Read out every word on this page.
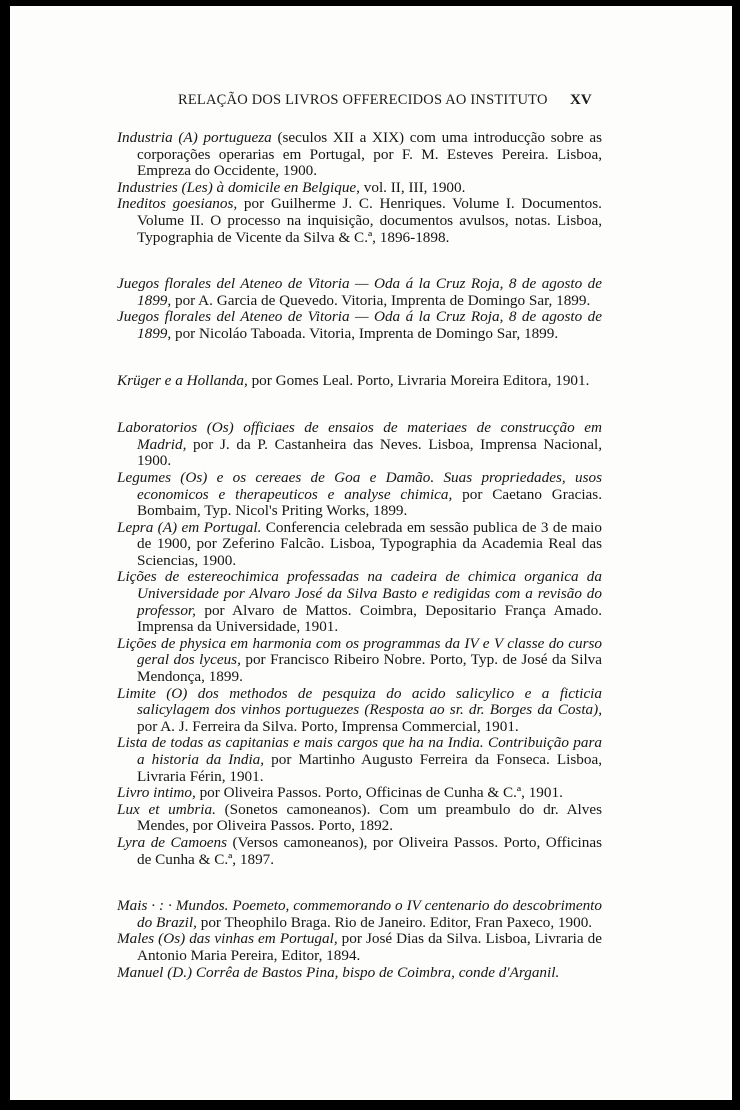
RELAÇÃO DOS LIVROS OFFERECIDOS AO INSTITUTO	XV

Industria (A) portugueza (seculos XII a XIX) com uma introducção sobre as corporações operarias em Portugal, por F. M. Esteves Pereira. Lisboa, Empreza do Occidente, 1900.

Industries (Les) à domicile en Belgique, vol. II, III, 1900.

Ineditos goesianos, por Guilherme J. C. Henriques. Volume I. Documentos. Volume II. O processo na inquisição, documentos avulsos, notas. Lisboa, Typographia de Vicente da Silva & C.ª, 1896-1898.

Juegos florales del Ateneo de Vitoria — Oda á la Cruz Roja, 8 de agosto de 1899, por A. Garcia de Quevedo. Vitoria, Imprenta de Domingo Sar, 1899.

Juegos florales del Ateneo de Vitoria — Oda á la Cruz Roja, 8 de agosto de 1899, por Nicoláo Taboada. Vitoria, Imprenta de Domingo Sar, 1899.

Krüger e a Hollanda, por Gomes Leal. Porto, Livraria Moreira Editora, 1901.

Laboratorios (Os) officiaes de ensaios de materiaes de construcção em Madrid, por J. da P. Castanheira das Neves. Lisboa, Imprensa Nacional, 1900.

Legumes (Os) e os cereaes de Goa e Damão. Suas propriedades, usos economicos e therapeuticos e analyse chimica, por Caetano Gracias. Bombaim, Typ. Nicol's Priting Works, 1899.

Lepra (A) em Portugal. Conferencia celebrada em sessão publica de 3 de maio de 1900, por Zeferino Falcão. Lisboa, Typographia da Academia Real das Sciencias, 1900.

Lições de estereochimica professadas na cadeira de chimica organica da Universidade por Alvaro José da Silva Basto e redigidas com a revisão do professor, por Alvaro de Mattos. Coimbra, Depositario França Amado. Imprensa da Universidade, 1901.

Lições de physica em harmonia com os programmas da IV e V classe do curso geral dos lyceus, por Francisco Ribeiro Nobre. Porto, Typ. de José da Silva Mendonça, 1899.

Limite (O) dos methodos de pesquiza do acido salicylico e a ficticia salicylagem dos vinhos portuguezes (Resposta ao sr. dr. Borges da Costa), por A. J. Ferreira da Silva. Porto, Imprensa Commercial, 1901.

Lista de todas as capitanias e mais cargos que ha na India. Contribuição para a historia da India, por Martinho Augusto Ferreira da Fonseca. Lisboa, Livraria Férin, 1901.

Livro intimo, por Oliveira Passos. Porto, Officinas de Cunha & C.ª, 1901.

Lux et umbria. (Sonetos camoneanos). Com um preambulo do dr. Alves Mendes, por Oliveira Passos. Porto, 1892.

Lyra de Camoens (Versos camoneanos), por Oliveira Passos. Porto, Officinas de Cunha & C.ª, 1897.

Mais · : · Mundos. Poemeto, commemorando o IV centenario do descobrimento do Brazil, por Theophilo Braga. Rio de Janeiro. Editor, Fran Paxeco, 1900.

Males (Os) das vinhas em Portugal, por José Dias da Silva. Lisboa, Livraria de Antonio Maria Pereira, Editor, 1894.

Manuel (D.) Corrêa de Bastos Pina, bispo de Coimbra, conde d'Arganil.
